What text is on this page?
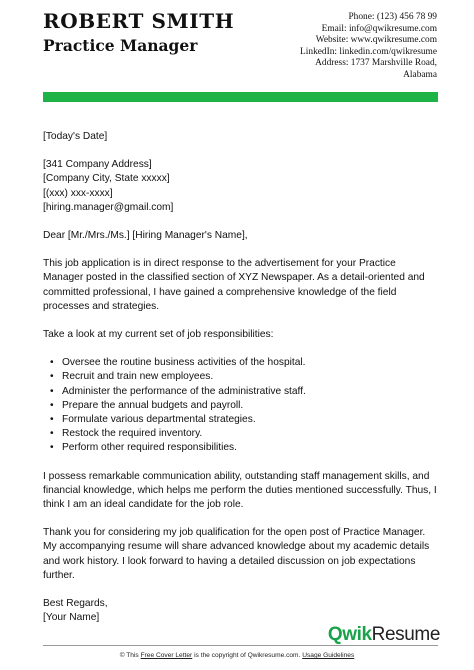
ROBERT SMITH
Practice Manager
Phone: (123) 456 78 99
Email: info@qwikresume.com
Website: www.qwikresume.com
LinkedIn: linkedin.com/qwikresume
Address: 1737 Marshville Road,
Alabama

[Today's Date]

[341 Company Address]

[Company City, State xxxxx]

[(xxx) xxx-xxxx]

[hiring.manager@gmail.com]

Dear [Mr./Mrs./Ms.] [Hiring Manager's Name],

This job application is in direct response to the advertisement for your Practice Manager posted in the classified section of XYZ Newspaper. As a detail-oriented and committed professional, I have gained a comprehensive knowledge of the field processes and strategies.

Take a look at my current set of job responsibilities:

• Oversee the routine business activities of the hospital.
• Recruit and train new employees.
• Administer the performance of the administrative staff.
• Prepare the annual budgets and payroll.
• Formulate various departmental strategies.
• Restock the required inventory.
• Perform other required responsibilities.

I possess remarkable communication ability, outstanding staff management skills, and financial knowledge, which helps me perform the duties mentioned successfully. Thus, I think I am an ideal candidate for the job role.

Thank you for considering my job qualification for the open post of Practice Manager. My accompanying resume will share advanced knowledge about my academic details and work history. I look forward to having a detailed discussion on job expectations further.

Best Regards,

[Your Name]

Qwik Resume
© This Free Cover Letter is the copyright of Qwikresume.com. Usage Guidelines
